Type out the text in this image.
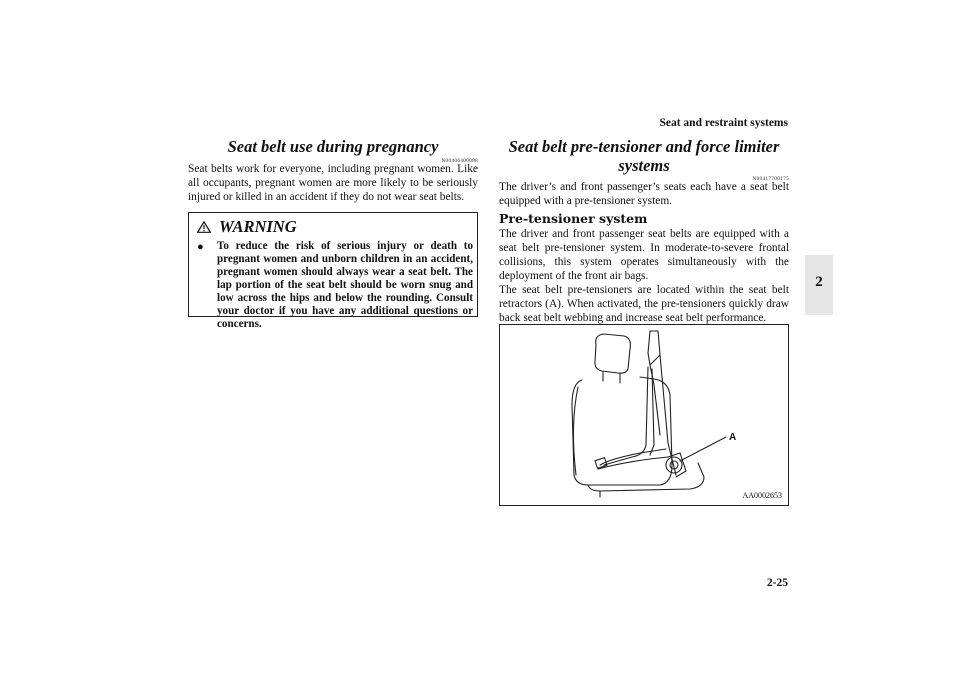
Seat and restraint systems
2
Seat belt use during pregnancy
N00406400088
Seat belts work for everyone, including pregnant women. Like all occupants, pregnant women are more likely to be seriously injured or killed in an accident if they do not wear seat belts.
WARNING
● To reduce the risk of serious injury or death to pregnant women and unborn children in an accident, pregnant women should always wear a seat belt. The lap portion of the seat belt should be worn snug and low across the hips and below the rounding. Consult your doctor if you have any additional questions or concerns.
Seat belt pre-tensioner and force limiter
systems
N00417700175
The driver’s and front passenger’s seats each have a seat belt equipped with a pre-tensioner system.
Pre-tensioner system
The driver and front passenger seat belts are equipped with a seat belt pre-tensioner system. In moderate-to-severe frontal collisions, this system operates simultaneously with the deployment of the front air bags.
The seat belt pre-tensioners are located within the seat belt retractors (A). When activated, the pre-tensioners quickly draw back seat belt webbing and increase seat belt performance.
A
AA0002653
2-25
